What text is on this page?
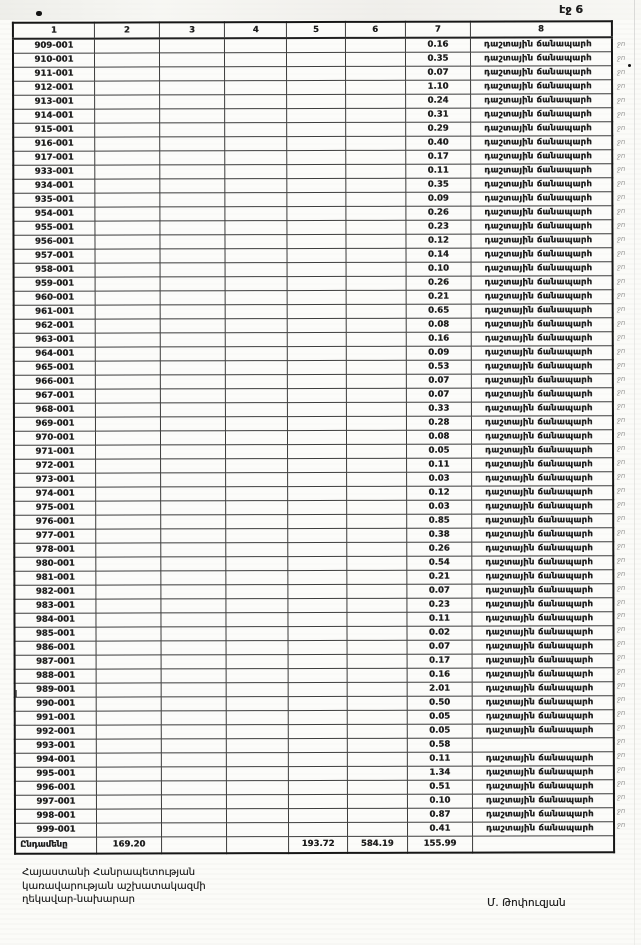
էջ 6
1	2	3	4	5	6	7	8
909-001						0.16	դաշտային ճանապարհ
910-001						0.35	դաշտային ճանապարհ
911-001						0.07	դաշտային ճանապարհ
912-001						1.10	դաշտային ճանապարհ
913-001						0.24	դաշտային ճանապարհ
914-001						0.31	դաշտային ճանապարհ
915-001						0.29	դաշտային ճանապարհ
916-001						0.40	դաշտային ճանապարհ
917-001						0.17	դաշտային ճանապարհ
933-001						0.11	դաշտային ճանապարհ
934-001						0.35	դաշտային ճանապարհ
935-001						0.09	դաշտային ճանապարհ
954-001						0.26	դաշտային ճանապարհ
955-001						0.23	դաշտային ճանապարհ
956-001						0.12	դաշտային ճանապարհ
957-001						0.14	դաշտային ճանապարհ
958-001						0.10	դաշտային ճանապարհ
959-001						0.26	դաշտային ճանապարհ
960-001						0.21	դաշտային ճանապարհ
961-001						0.65	դաշտային ճանապարհ
962-001						0.08	դաշտային ճանապարհ
963-001						0.16	դաշտային ճանապարհ
964-001						0.09	դաշտային ճանապարհ
965-001						0.53	դաշտային ճանապարհ
966-001						0.07	դաշտային ճանապարհ
967-001						0.07	դաշտային ճանապարհ
968-001						0.33	դաշտային ճանապարհ
969-001						0.28	դաշտային ճանապարհ
970-001						0.08	դաշտային ճանապարհ
971-001						0.05	դաշտային ճանապարհ
972-001						0.11	դաշտային ճանապարհ
973-001						0.03	դաշտային ճանապարհ
974-001						0.12	դաշտային ճանապարհ
975-001						0.03	դաշտային ճանապարհ
976-001						0.85	դաշտային ճանապարհ
977-001						0.38	դաշտային ճանապարհ
978-001						0.26	դաշտային ճանապարհ
980-001						0.54	դաշտային ճանապարհ
981-001						0.21	դաշտային ճանապարհ
982-001						0.07	դաշտային ճանապարհ
983-001						0.23	դաշտային ճանապարհ
984-001						0.11	դաշտային ճանապարհ
985-001						0.02	դաշտային ճանապարհ
986-001						0.07	դաշտային ճանապարհ
987-001						0.17	դաշտային ճանապարհ
988-001						0.16	դաշտային ճանապարհ
989-001						2.01	դաշտային ճանապարհ
990-001						0.50	դաշտային ճանապարհ
991-001						0.05	դաշտային ճանապարհ
992-001						0.05	դաշտային ճանապարհ
993-001						0.58	
994-001						0.11	դաշտային ճանապարհ
995-001						1.34	դաշտային ճանապարհ
996-001						0.51	դաշտային ճանապարհ
997-001						0.10	դաշտային ճանապարհ
998-001						0.87	դաշտային ճանապարհ
999-001						0.41	դաշտային ճանապարհ
Ընդամենը	169.20			193.72	584.19	155.99	
ջո
ջո
ջո
ջո
ջո
ջո
ջո
ջո
ջո
ջո
ջո
ջո
ջո
ջո
ջո
ջո
ջո
ջո
ջո
ջո
ջո
ջո
ջո
ջո
ջո
ջո
ջո
ջո
ջո
ջո
ջո
ջո
ջո
ջո
ջո
ջո
ջո
ջո
ջո
ջո
ջո
ջո
ջո
ջո
ջո
ջո
ջո
ջո
ջո
ջո
ջո
ջո
ջո
ջո
ջո
ջո
ջո
Հայաստանի Հանրապետության
կառավարության աշխատակազմի
ղեկավար-նախարար	Մ. Թոփուզյան
